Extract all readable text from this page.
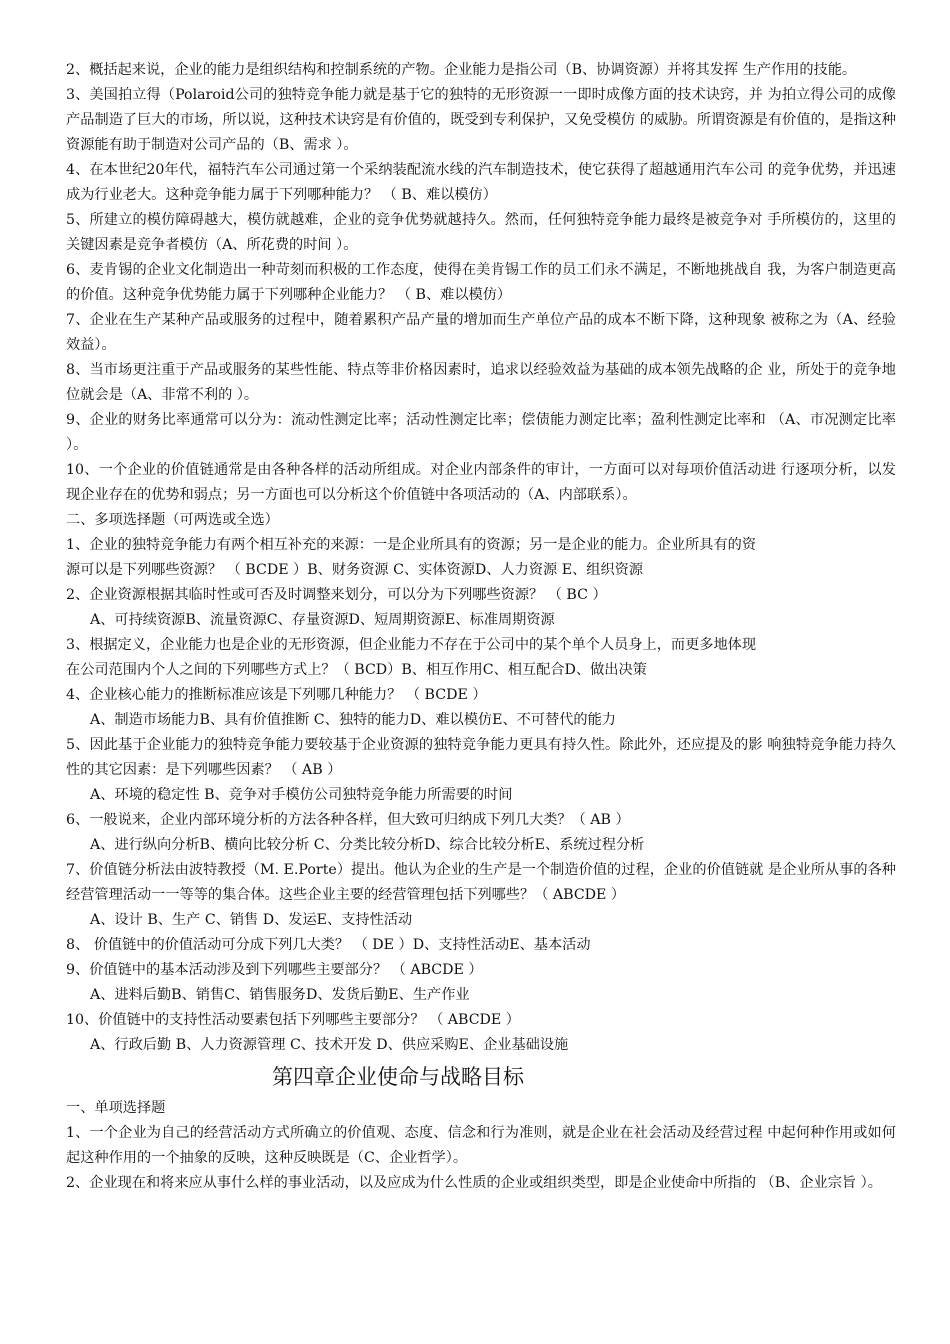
2、概括起来说，企业的能力是组织结构和控制系统的产物。企业能力是指公司（B、协调资源）并将其发挥 生产作用的技能。

3、美国拍立得（Polaroid公司的独特竞争能力就是基于它的独特的无形资源一一即时成像方面的技术诀窍，并 为拍立得公司的成像产品制造了巨大的市场，所以说，这种技术诀窍是有价值的，既受到专利保护，又免受模仿 的威胁。所谓资源是有价值的，是指这种资源能有助于制造对公司产品的（B、需求 ）。

4、在本世纪20年代，福特汽车公司通过第一个采纳装配流水线的汽车制造技术，使它获得了超越通用汽车公司 的竞争优势，并迅速成为行业老大。这种竞争能力属于下列哪种能力？ （ B、难以模仿）

5、所建立的模仿障碍越大，模仿就越难，企业的竞争优势就越持久。然而，任何独特竞争能力最终是被竞争对 手所模仿的，这里的关键因素是竞争者模仿（A、所花费的时间 ）。

6、麦肯锡的企业文化制造出一种苛刻而积极的工作态度，使得在美肯锡工作的员工们永不满足，不断地挑战自 我，为客户制造更高的价值。这种竞争优势能力属于下列哪种企业能力？ （ B、难以模仿）

7、企业在生产某种产品或服务的过程中，随着累积产品产量的增加而生产单位产品的成本不断下降，这种现象 被称之为（A、经验效益）。

8、当市场更注重于产品或服务的某些性能、特点等非价格因素时，追求以经验效益为基础的成本领先战略的企 业，所处于的竞争地位就会是（A、非常不利的 ）。

9、企业的财务比率通常可以分为：流动性测定比率；活动性测定比率；偿债能力测定比率；盈利性测定比率和 （A、市况测定比率 ）。

10、一个企业的价值链通常是由各种各样的活动所组成。对企业内部条件的审计，一方面可以对每项价值活动进 行逐项分析，以发现企业存在的优势和弱点；另一方面也可以分析这个价值链中各项活动的（A、内部联系）。

二、多项选择题（可两选或全选）

1、企业的独特竞争能力有两个相互补充的来源：一是企业所具有的资源；另一是企业的能力。企业所具有的资

源可以是下列哪些资源？ （ BCDE ）B、财务资源 C、实体资源D、人力资源 E、组织资源

2、企业资源根据其临时性或可否及时调整来划分，可以分为下列哪些资源？ （ BC ）

A、可持续资源B、流量资源C、存量资源D、短周期资源E、标准周期资源

3、根据定义，企业能力也是企业的无形资源，但企业能力不存在于公司中的某个单个人员身上，而更多地体现

在公司范围内个人之间的下列哪些方式上？（ BCD）B、相互作用C、相互配合D、做出决策

4、企业核心能力的推断标准应该是下列哪几种能力？ （ BCDE ）

A、制造市场能力B、具有价值推断 C、独特的能力D、难以模仿E、不可替代的能力

5、因此基于企业能力的独特竞争能力要较基于企业资源的独特竞争能力更具有持久性。除此外，还应提及的影 响独特竞争能力持久性的其它因素：是下列哪些因素？ （ AB ）

A、环境的稳定性 B、竞争对手模仿公司独特竞争能力所需要的时间

6、一般说来，企业内部环境分析的方法各种各样，但大致可归纳成下列几大类？（ AB ）

A、进行纵向分析B、横向比较分析 C、分类比较分析D、综合比较分析E、系统过程分析

7、价值链分析法由波特教授（M. E.Porte）提出。他认为企业的生产是一个制造价值的过程，企业的价值链就 是企业所从事的各种经营管理活动一一等等的集合体。这些企业主要的经营管理包括下列哪些？（ ABCDE ）

A、设计 B、生产 C、销售 D、发运E、支持性活动

8、 价值链中的价值活动可分成下列几大类？ （ DE ）D、支持性活动E、基本活动

9、价值链中的基本活动涉及到下列哪些主要部分？ （ ABCDE ）

A、进料后勤B、销售C、销售服务D、发货后勤E、生产作业

10、价值链中的支持性活动要素包括下列哪些主要部分？ （ ABCDE ）

A、行政后勤 B、人力资源管理 C、技术开发 D、供应采购E、企业基础设施

第四章企业使命与战略目标

一、单项选择题

1、一个企业为自己的经营活动方式所确立的价值观、态度、信念和行为准则，就是企业在社会活动及经营过程 中起何种作用或如何起这种作用的一个抽象的反映，这种反映既是（C、企业哲学）。

2、企业现在和将来应从事什么样的事业活动，以及应成为什么性质的企业或组织类型，即是企业使命中所指的 （B、企业宗旨 ）。
